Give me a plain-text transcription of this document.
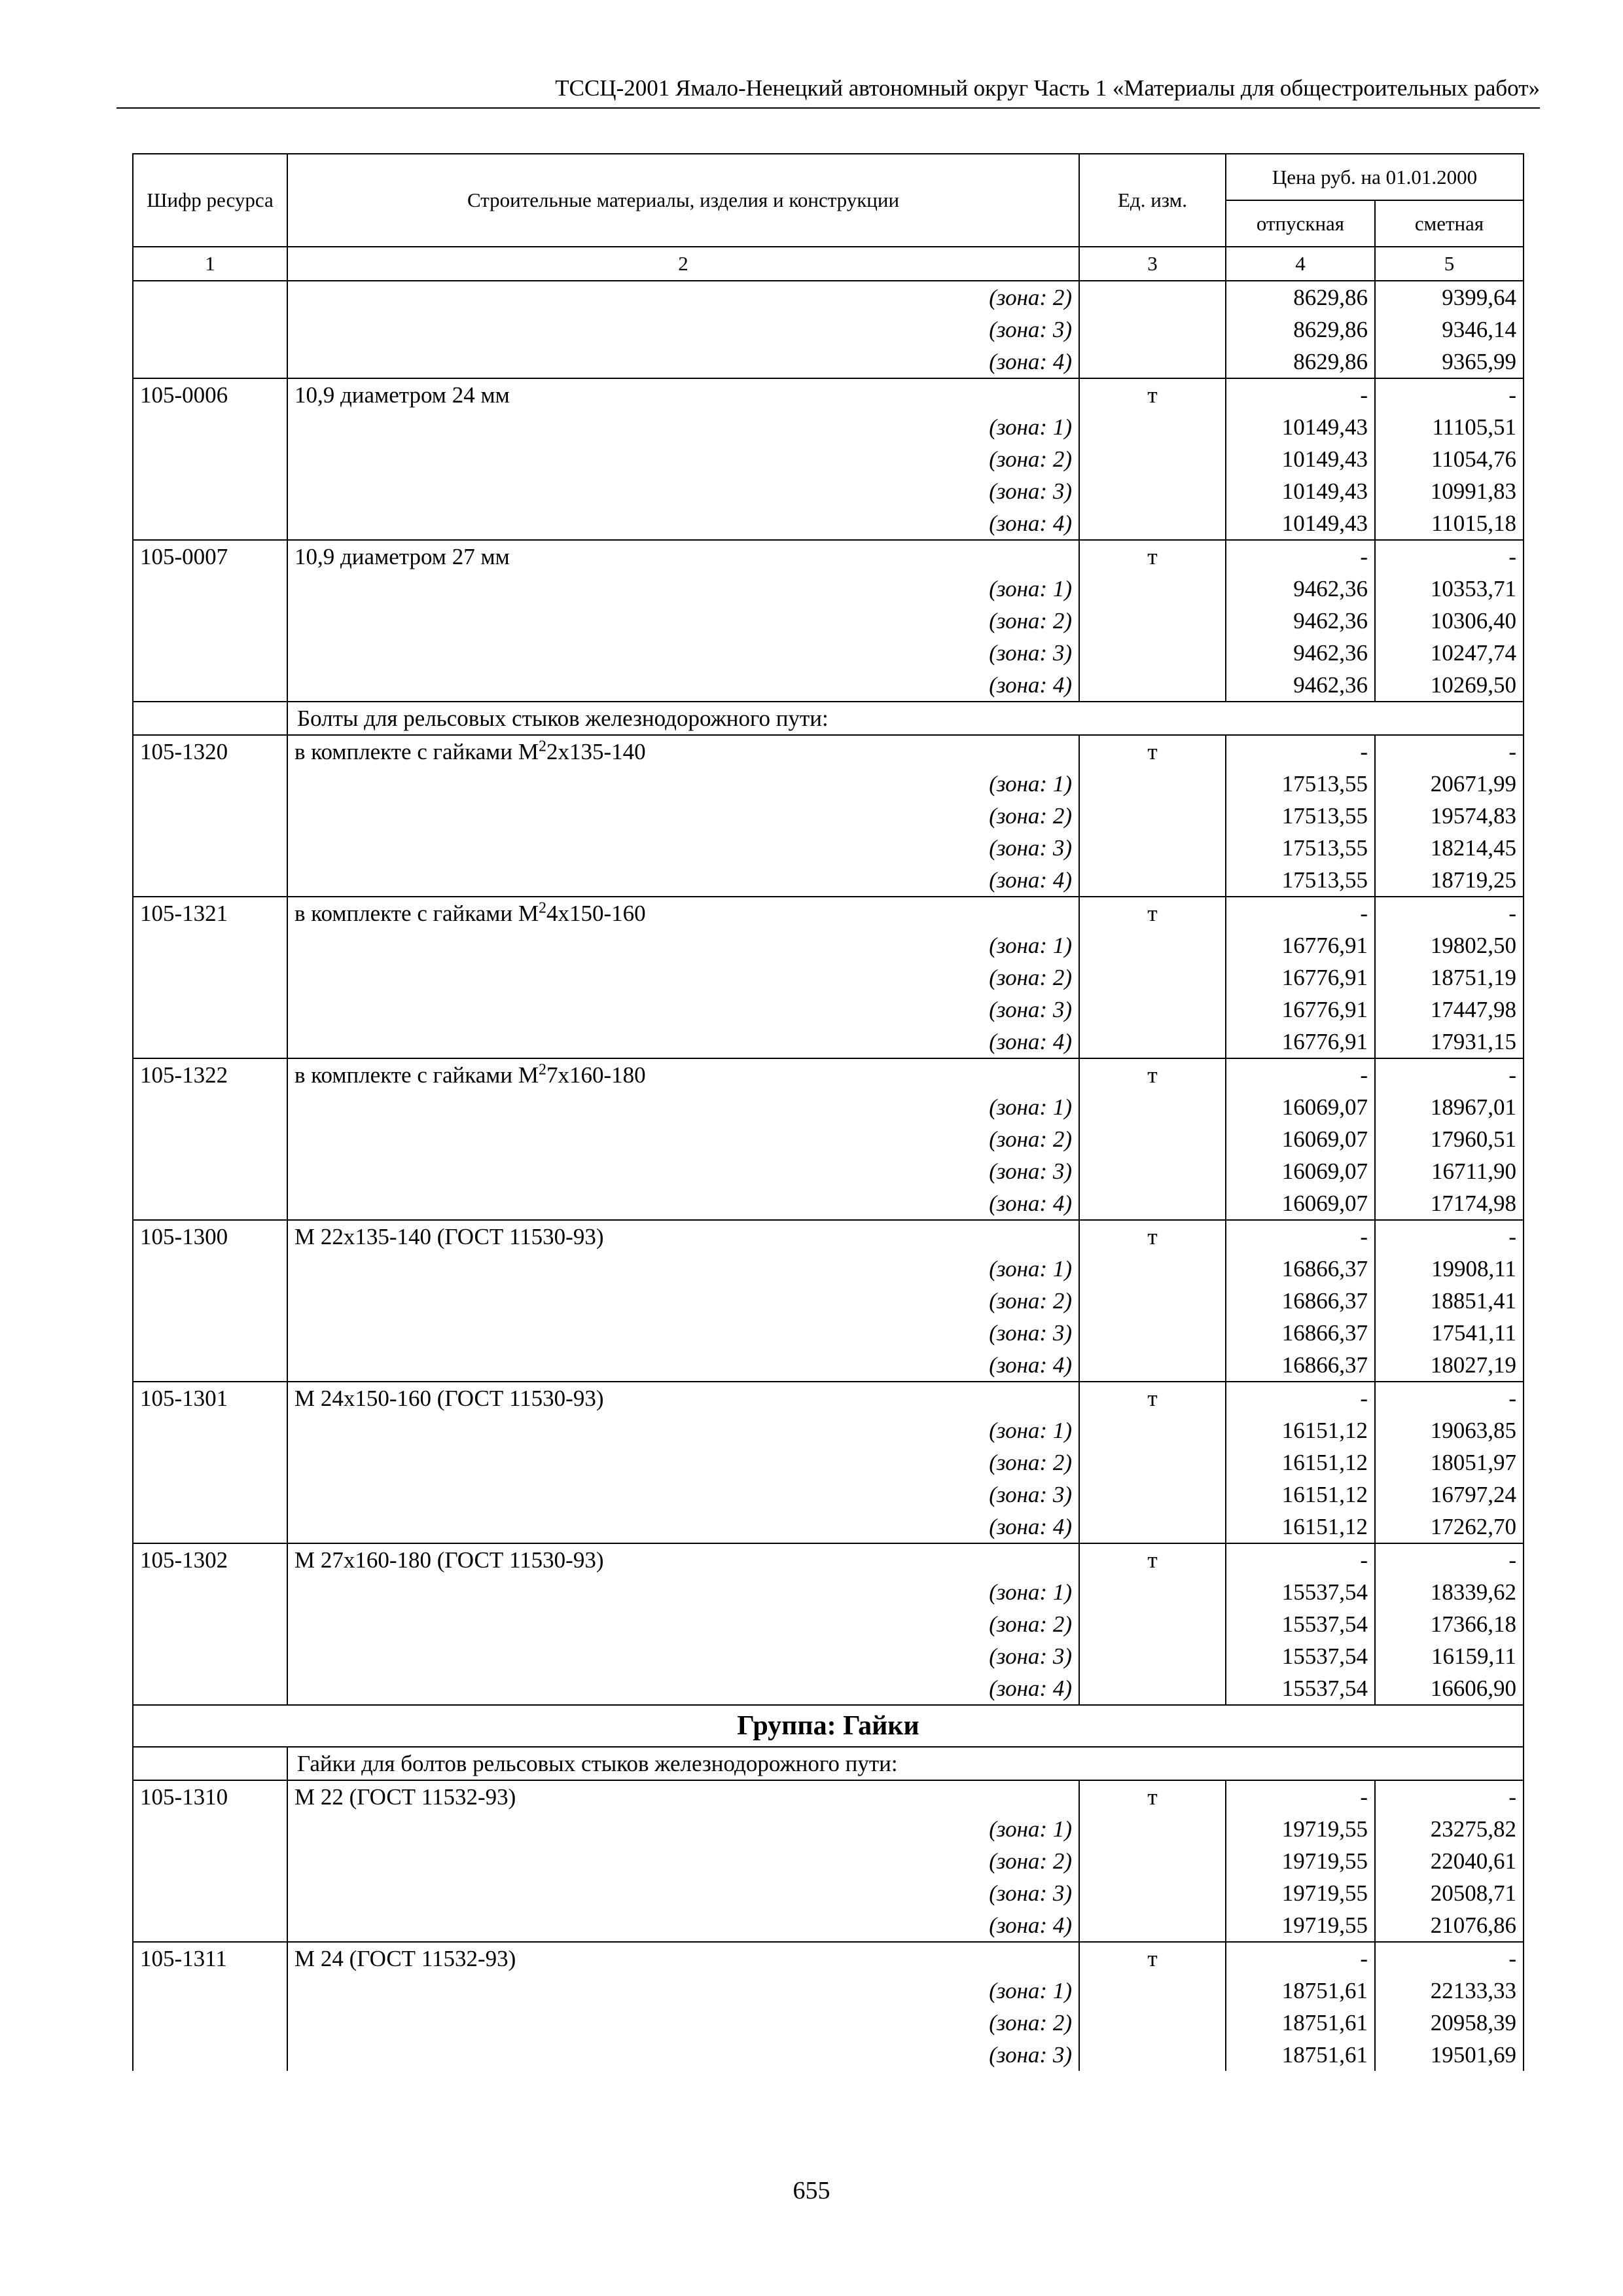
ТССЦ-2001 Ямало-Ненецкий автономный округ Часть 1 «Материалы для общестроительных работ»
Шифр ресурса	Строительные материалы, изделия и конструкции	Ед. изм.	Цена руб. на 01.01.2000	
			отпускная	сметная
1	2	3	4	5
	(зона: 2)		8629,86	9399,64
	(зона: 3)		8629,86	9346,14
	(зона: 4)		8629,86	9365,99
105-0006	10,9 диаметром 24 мм	т	-	-
	(зона: 1)		10149,43	11105,51
	(зона: 2)		10149,43	11054,76
	(зона: 3)		10149,43	10991,83
	(зона: 4)		10149,43	11015,18
105-0007	10,9 диаметром 27 мм	т	-	-
	(зона: 1)		9462,36	10353,71
	(зона: 2)		9462,36	10306,40
	(зона: 3)		9462,36	10247,74
	(зона: 4)		9462,36	10269,50
	Болты для рельсовых стыков железнодорожного пути:			
105-1320	в комплекте с гайками $М^22х135-140$	т	-	-
	(зона: 1)		17513,55	20671,99
	(зона: 2)		17513,55	19574,83
	(зона: 3)		17513,55	18214,45
	(зона: 4)		17513,55	18719,25
105-1321	в комплекте с гайками $М^24х150-160$	т	-	-
	(зона: 1)		16776,91	19802,50
	(зона: 2)		16776,91	18751,19
	(зона: 3)		16776,91	17447,98
	(зона: 4)		16776,91	17931,15
105-1322	в комплекте с гайками $М^27х160-180$	т	-	-
	(зона: 1)		16069,07	18967,01
	(зона: 2)		16069,07	17960,51
	(зона: 3)		16069,07	16711,90
	(зона: 4)		16069,07	17174,98
105-1300	М 22х135-140 (ГОСТ 11530-93)	т	-	-
	(зона: 1)		16866,37	19908,11
	(зона: 2)		16866,37	18851,41
	(зона: 3)		16866,37	17541,11
	(зона: 4)		16866,37	18027,19
105-1301	М 24х150-160 (ГОСТ 11530-93)	т	-	-
	(зона: 1)		16151,12	19063,85
	(зона: 2)		16151,12	18051,97
	(зона: 3)		16151,12	16797,24
	(зона: 4)		16151,12	17262,70
105-1302	М 27х160-180 (ГОСТ 11530-93)	т	-	-
	(зона: 1)		15537,54	18339,62
	(зона: 2)		15537,54	17366,18
	(зона: 3)		15537,54	16159,11
	(зона: 4)		15537,54	16606,90
Группа: Гайки				
	Гайки для болтов рельсовых стыков железнодорожного пути:			
105-1310	М 22 (ГОСТ 11532-93)	т	-	-
	(зона: 1)		19719,55	23275,82
	(зона: 2)		19719,55	22040,61
	(зона: 3)		19719,55	20508,71
	(зона: 4)		19719,55	21076,86
105-1311	М 24 (ГОСТ 11532-93)	т	-	-
	(зона: 1)		18751,61	22133,33
	(зона: 2)		18751,61	20958,39
	(зона: 3)		18751,61	19501,69
655
